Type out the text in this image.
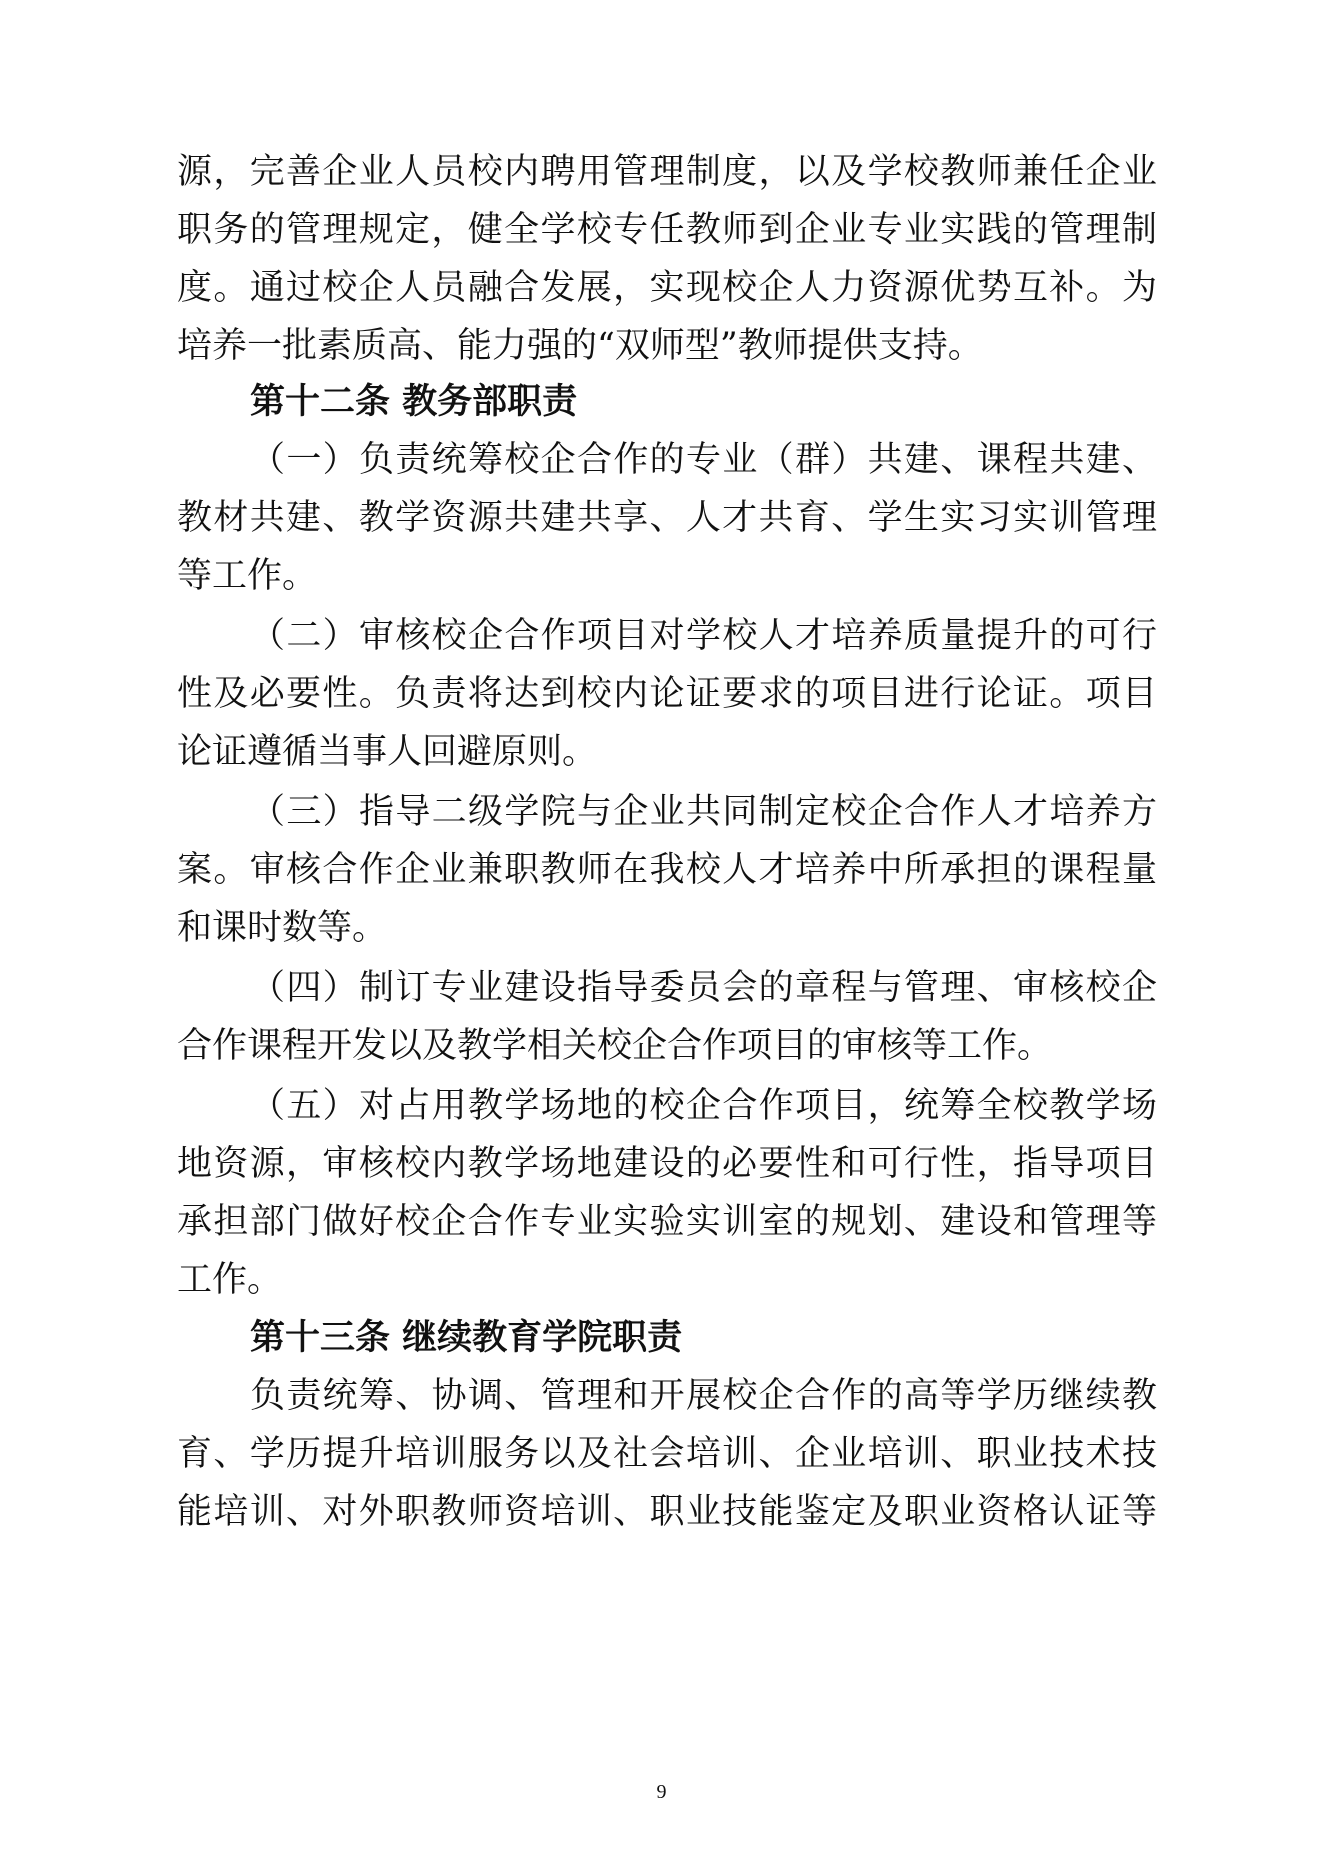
源，完善企业人员校内聘用管理制度，以及学校教师兼任企业
职务的管理规定，健全学校专任教师到企业专业实践的管理制
度。通过校企人员融合发展，实现校企人力资源优势互补。为
培养一批素质高、能力强的“双师型”教师提供支持。
第十二条 教务部职责
（一）负责统筹校企合作的专业（群）共建、课程共建、
教材共建、教学资源共建共享、人才共育、学生实习实训管理
等工作。
（二）审核校企合作项目对学校人才培养质量提升的可行
性及必要性。负责将达到校内论证要求的项目进行论证。项目
论证遵循当事人回避原则。
（三）指导二级学院与企业共同制定校企合作人才培养方
案。审核合作企业兼职教师在我校人才培养中所承担的课程量
和课时数等。
（四）制订专业建设指导委员会的章程与管理、审核校企
合作课程开发以及教学相关校企合作项目的审核等工作。
（五）对占用教学场地的校企合作项目，统筹全校教学场
地资源，审核校内教学场地建设的必要性和可行性，指导项目
承担部门做好校企合作专业实验实训室的规划、建设和管理等
工作。
第十三条 继续教育学院职责
负责统筹、协调、管理和开展校企合作的高等学历继续教
育、学历提升培训服务以及社会培训、企业培训、职业技术技
能培训、对外职教师资培训、职业技能鉴定及职业资格认证等
9
